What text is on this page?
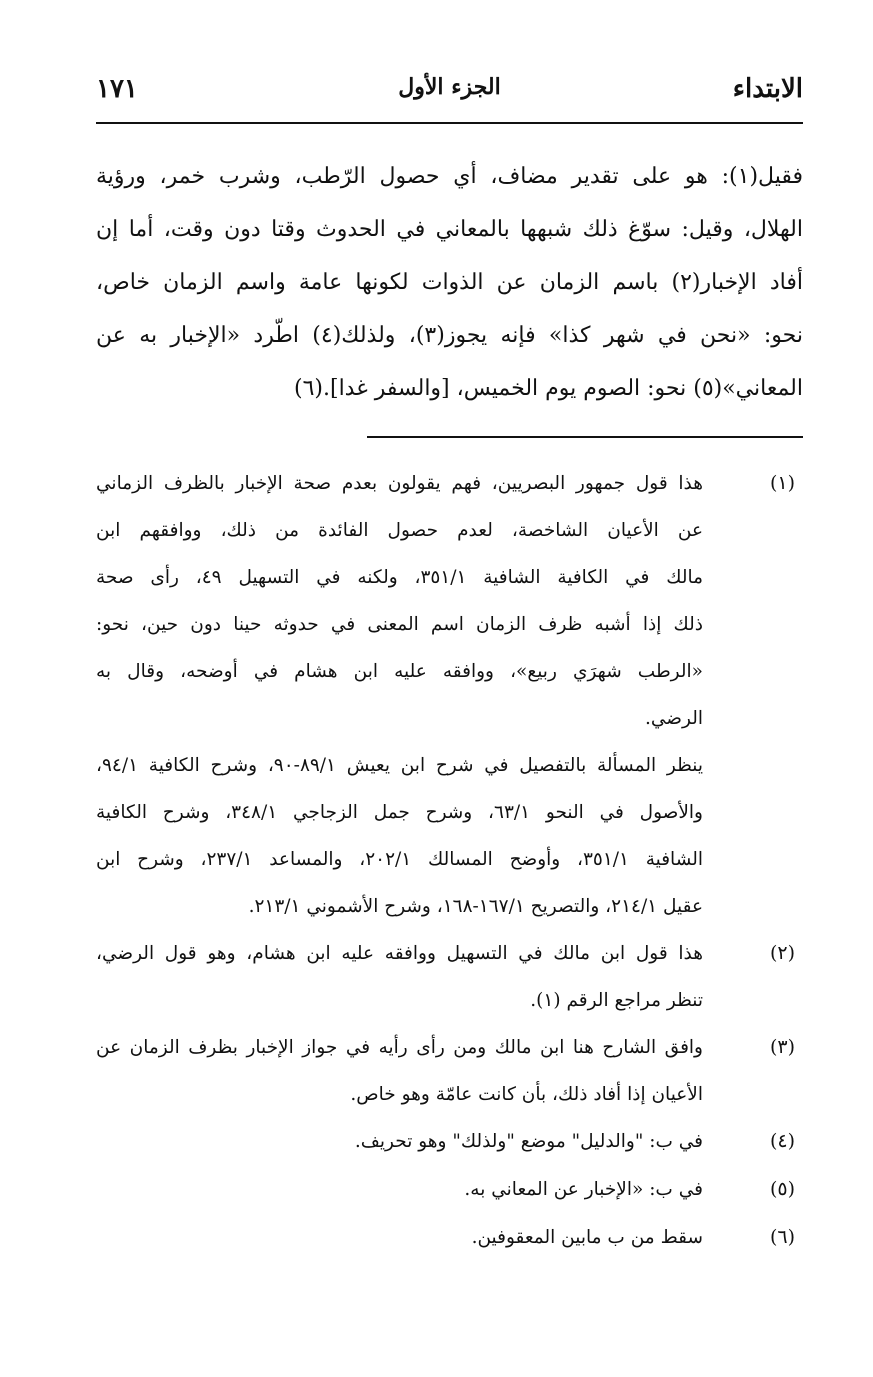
الابتداء
الجزء الأول
١٧١
فقيل(١): هو على تقدير مضاف، أي حصول الرّطب، وشرب خمر، ورؤية
الهلال، وقيل: سوّغ ذلك شبهها بالمعاني في الحدوث وقتا دون وقت، أما إن
أفاد الإخبار(٢) باسم الزمان عن الذوات لكونها عامة واسم الزمان خاص،
نحو: «نحن في شهر كذا» فإنه يجوز(٣)، ولذلك(٤) اطّرد «الإخبار به عن
المعاني»(٥) نحو: الصوم يوم الخميس، [والسفر غدا].(٦)
(١)
هذا قول جمهور البصريين، فهم يقولون بعدم صحة الإخبار بالظرف الزماني
عن الأعيان الشاخصة، لعدم حصول الفائدة من ذلك، ووافقهم ابن
مالك في الكافية الشافية ٣٥١/١، ولكنه في التسهيل ٤٩، رأى صحة
ذلك إذا أشبه ظرف الزمان اسم المعنى في حدوثه حينا دون حين، نحو:
«الرطب شهرَي ربيع»، ووافقه عليه ابن هشام في أوضحه، وقال به
الرضي.
ينظر المسألة بالتفصيل في شرح ابن يعيش ٨٩/١-٩٠، وشرح الكافية ٩٤/١،
والأصول في النحو ٦٣/١، وشرح جمل الزجاجي ٣٤٨/١، وشرح الكافية
الشافية ٣٥١/١، وأوضح المسالك ٢٠٢/١، والمساعد ٢٣٧/١، وشرح ابن
عقيل ٢١٤/١، والتصريح ١٦٧/١-١٦٨، وشرح الأشموني ٢١٣/١.
(٢)
هذا قول ابن مالك في التسهيل ووافقه عليه ابن هشام، وهو قول الرضي،
تنظر مراجع الرقم (١).
(٣)
وافق الشارح هنا ابن مالك ومن رأى رأيه في جواز الإخبار بظرف الزمان عن
الأعيان إذا أفاد ذلك، بأن كانت عامّة وهو خاص.
(٤)
في ب: "والدليل" موضع "ولذلك" وهو تحريف.
(٥)
في ب: «الإخبار عن المعاني به.
(٦)
سقط من ب مابين المعقوفين.
